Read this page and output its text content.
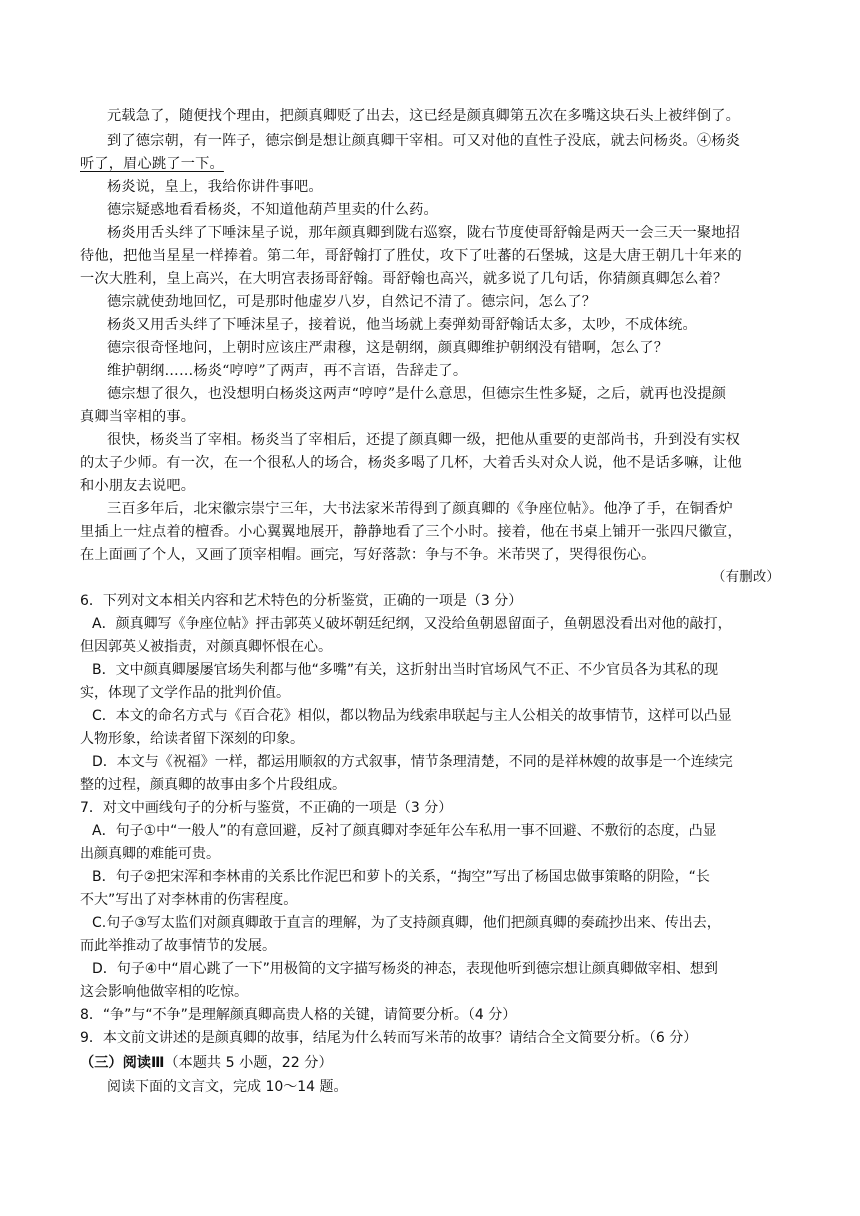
元载急了，随便找个理由，把颜真卿贬了出去，这已经是颜真卿第五次在多嘴这块石头上被绊倒了。
到了德宗朝，有一阵子，德宗倒是想让颜真卿干宰相。可又对他的直性子没底，就去问杨炎。④杨炎
听了，眉心跳了一下。
杨炎说，皇上，我给你讲件事吧。
德宗疑惑地看看杨炎，不知道他葫芦里卖的什么药。
杨炎用舌头绊了下唾沫星子说，那年颜真卿到陇右巡察，陇右节度使哥舒翰是两天一会三天一聚地招
待他，把他当星星一样捧着。第二年，哥舒翰打了胜仗，攻下了吐蕃的石堡城，这是大唐王朝几十年来的
一次大胜利，皇上高兴，在大明宫表扬哥舒翰。哥舒翰也高兴，就多说了几句话，你猜颜真卿怎么着？
德宗就使劲地回忆，可是那时他虚岁八岁，自然记不清了。德宗问，怎么了？
杨炎又用舌头绊了下唾沫星子，接着说，他当场就上奏弹劾哥舒翰话太多，太吵，不成体统。
德宗很奇怪地问，上朝时应该庄严肃穆，这是朝纲，颜真卿维护朝纲没有错啊，怎么了？
维护朝纲……杨炎“哼哼”了两声，再不言语，告辞走了。
德宗想了很久，也没想明白杨炎这两声“哼哼”是什么意思，但德宗生性多疑，之后，就再也没提颜
真卿当宰相的事。
很快，杨炎当了宰相。杨炎当了宰相后，还提了颜真卿一级，把他从重要的吏部尚书，升到没有实权
的太子少师。有一次，在一个很私人的场合，杨炎多喝了几杯，大着舌头对众人说，他不是话多嘛，让他
和小朋友去说吧。
三百多年后，北宋徽宗崇宁三年，大书法家米芾得到了颜真卿的《争座位帖》。他净了手，在铜香炉
里插上一炷点着的檀香。小心翼翼地展开，静静地看了三个小时。接着，他在书桌上铺开一张四尺徽宣，
在上面画了个人，又画了顶宰相帽。画完，写好落款：争与不争。米芾哭了，哭得很伤心。
（有删改）
6．下列对文本相关内容和艺术特色的分析鉴赏，正确的一项是（3 分）
A．颜真卿写《争座位帖》抨击郭英乂破坏朝廷纪纲，又没给鱼朝恩留面子，鱼朝恩没看出对他的敲打，
但因郭英乂被指责，对颜真卿怀恨在心。
B．文中颜真卿屡屡官场失利都与他“多嘴”有关，这折射出当时官场风气不正、不少官员各为其私的现
实，体现了文学作品的批判价值。
C．本文的命名方式与《百合花》相似，都以物品为线索串联起与主人公相关的故事情节，这样可以凸显
人物形象，给读者留下深刻的印象。
D．本文与《祝福》一样，都运用顺叙的方式叙事，情节条理清楚，不同的是祥林嫂的故事是一个连续完
整的过程，颜真卿的故事由多个片段组成。
7．对文中画线句子的分析与鉴赏，不正确的一项是（3 分）
A．句子①中“一般人”的有意回避，反衬了颜真卿对李延年公车私用一事不回避、不敷衍的态度，凸显
出颜真卿的难能可贵。
B．句子②把宋浑和李林甫的关系比作泥巴和萝卜的关系，“掏空”写出了杨国忠做事策略的阴险，“长
不大”写出了对李林甫的伤害程度。
C.句子③写太监们对颜真卿敢于直言的理解，为了支持颜真卿，他们把颜真卿的奏疏抄出来、传出去，
而此举推动了故事情节的发展。
D．句子④中“眉心跳了一下”用极简的文字描写杨炎的神态，表现他听到德宗想让颜真卿做宰相、想到
这会影响他做宰相的吃惊。
8．“争”与“不争”是理解颜真卿高贵人格的关键，请简要分析。（4 分）
9．本文前文讲述的是颜真卿的故事，结尾为什么转而写米芾的故事？请结合全文简要分析。（6 分）
（三）阅读Ⅲ（本题共 5 小题，22 分）
阅读下面的文言文，完成 10～14 题。
